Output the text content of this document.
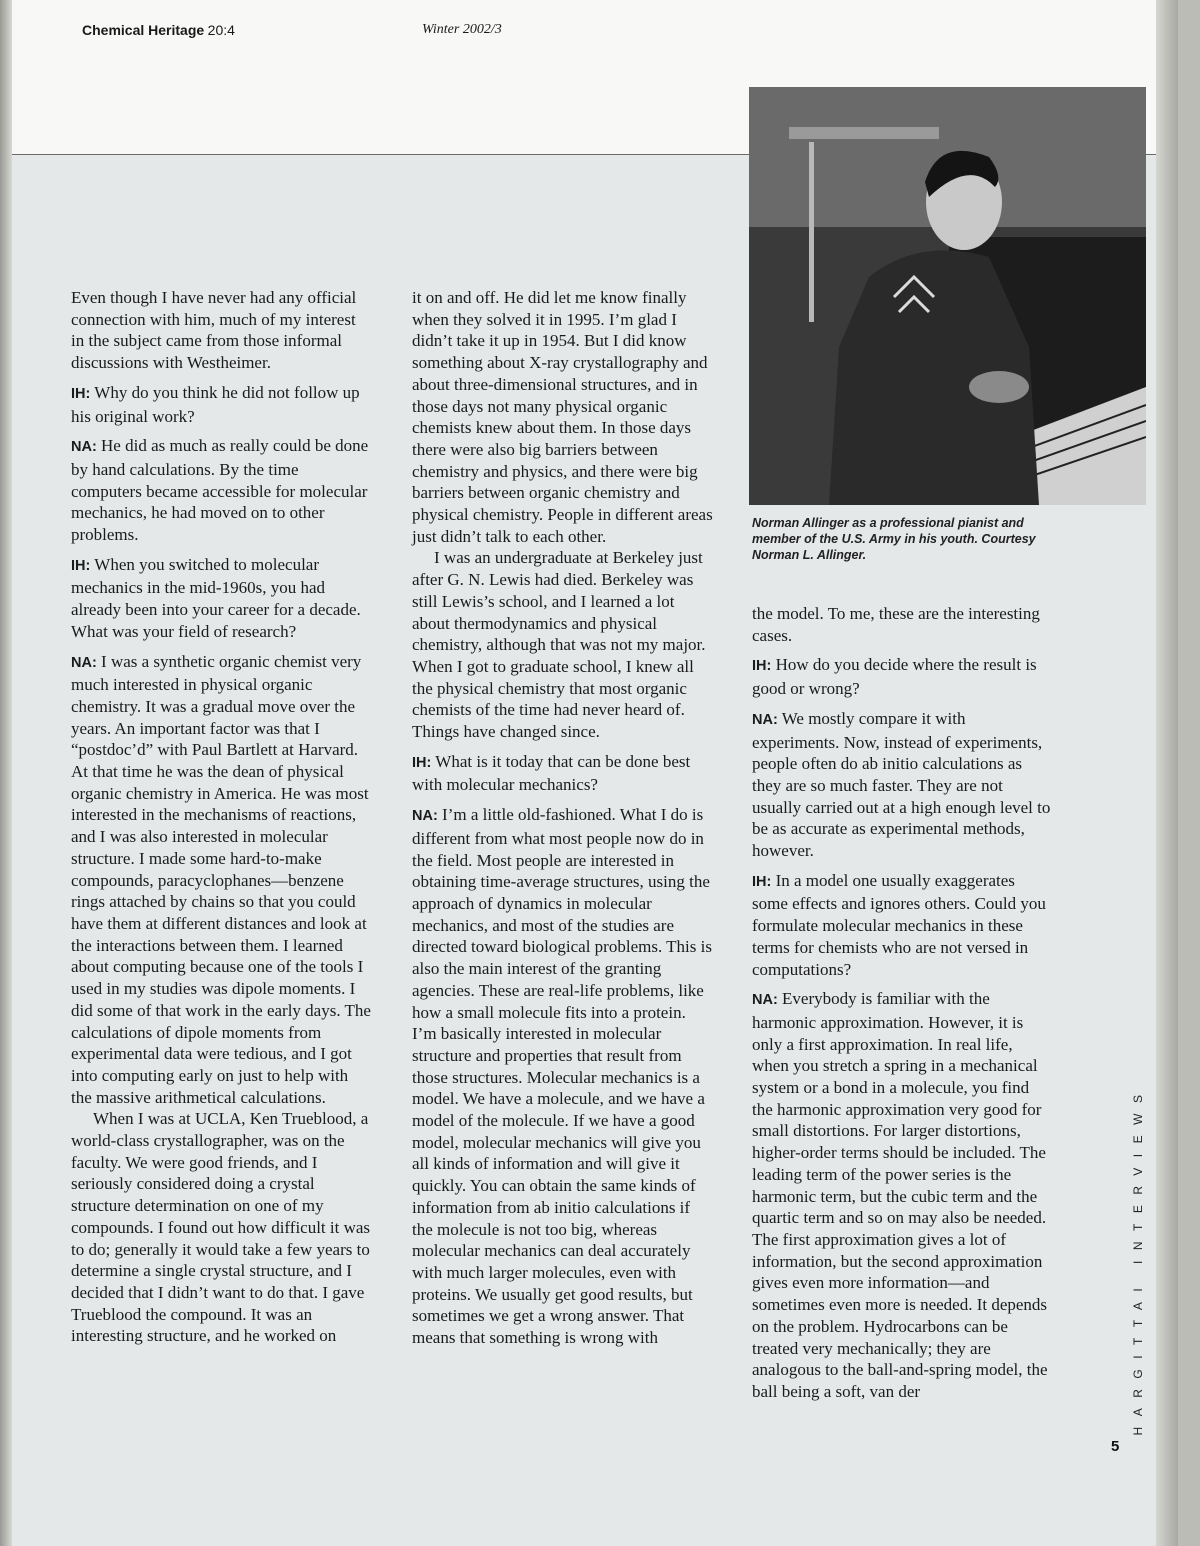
Chemical Heritage 20:4	Winter 2002/3
Norman Allinger as a professional pianist and member of the U.S. Army in his youth. Courtesy Norman L. Allinger.

Even though I have never had any official connection with him, much of my interest in the subject came from those informal discussions with Westheimer.

IH: Why do you think he did not follow up his original work?

NA: He did as much as really could be done by hand calculations. By the time computers became accessible for molecular mechanics, he had moved on to other problems.

IH: When you switched to molecular mechanics in the mid-1960s, you had already been into your career for a decade. What was your field of research?

NA: I was a synthetic organic chemist very much interested in physical organic chemistry. It was a gradual move over the years. An important factor was that I “postdoc’d” with Paul Bartlett at Harvard. At that time he was the dean of physical organic chemistry in America. He was most interested in the mechanisms of reactions, and I was also interested in molecular structure. I made some hard-to-make compounds, paracyclophanes—benzene rings attached by chains so that you could have them at different distances and look at the interactions between them. I learned about computing because one of the tools I used in my studies was dipole moments. I did some of that work in the early days. The calculations of dipole moments from experimental data were tedious, and I got into computing early on just to help with the massive arithmetical calculations.

When I was at UCLA, Ken Trueblood, a world-class crystallographer, was on the faculty. We were good friends, and I seriously considered doing a crystal structure determination on one of my compounds. I found out how difficult it was to do; generally it would take a few years to determine a single crystal structure, and I decided that I didn’t want to do that. I gave Trueblood the compound. It was an interesting structure, and he worked on

it on and off. He did let me know finally when they solved it in 1995. I’m glad I didn’t take it up in 1954. But I did know something about X-ray crystallography and about three-dimensional structures, and in those days not many physical organic chemists knew about them. In those days there were also big barriers between chemistry and physics, and there were big barriers between organic chemistry and physical chemistry. People in different areas just didn’t talk to each other.

I was an undergraduate at Berkeley just after G. N. Lewis had died. Berkeley was still Lewis’s school, and I learned a lot about thermodynamics and physical chemistry, although that was not my major. When I got to graduate school, I knew all the physical chemistry that most organic chemists of the time had never heard of. Things have changed since.

IH: What is it today that can be done best with molecular mechanics?

NA: I’m a little old-fashioned. What I do is different from what most people now do in the field. Most people are interested in obtaining time-average structures, using the approach of dynamics in molecular mechanics, and most of the studies are directed toward biological problems. This is also the main interest of the granting agencies. These are real-life problems, like how a small molecule fits into a protein. I’m basically interested in molecular structure and properties that result from those structures. Molecular mechanics is a model. We have a molecule, and we have a model of the molecule. If we have a good model, molecular mechanics will give you all kinds of information and will give it quickly. You can obtain the same kinds of information from ab initio calculations if the molecule is not too big, whereas molecular mechanics can deal accurately with much larger molecules, even with proteins. We usually get good results, but sometimes we get a wrong answer. That means that something is wrong with

the model. To me, these are the interesting cases.

IH: How do you decide where the result is good or wrong?

NA: We mostly compare it with experiments. Now, instead of experiments, people often do ab initio calculations as they are so much faster. They are not usually carried out at a high enough level to be as accurate as experimental methods, however.

IH: In a model one usually exaggerates some effects and ignores others. Could you formulate molecular mechanics in these terms for chemists who are not versed in computations?

NA: Everybody is familiar with the harmonic approximation. However, it is only a first approximation. In real life, when you stretch a spring in a mechanical system or a bond in a molecule, you find the harmonic approximation very good for small distortions. For larger distortions, higher-order terms should be included. The leading term of the power series is the harmonic term, but the cubic term and the quartic term and so on may also be needed. The first approximation gives a lot of information, but the second approximation gives even more information—and sometimes even more is needed. It depends on the problem. Hydrocarbons can be treated very mechanically; they are analogous to the ball-and-spring model, the ball being a soft, van der	HARGITTAI INTERVIEWS
5
